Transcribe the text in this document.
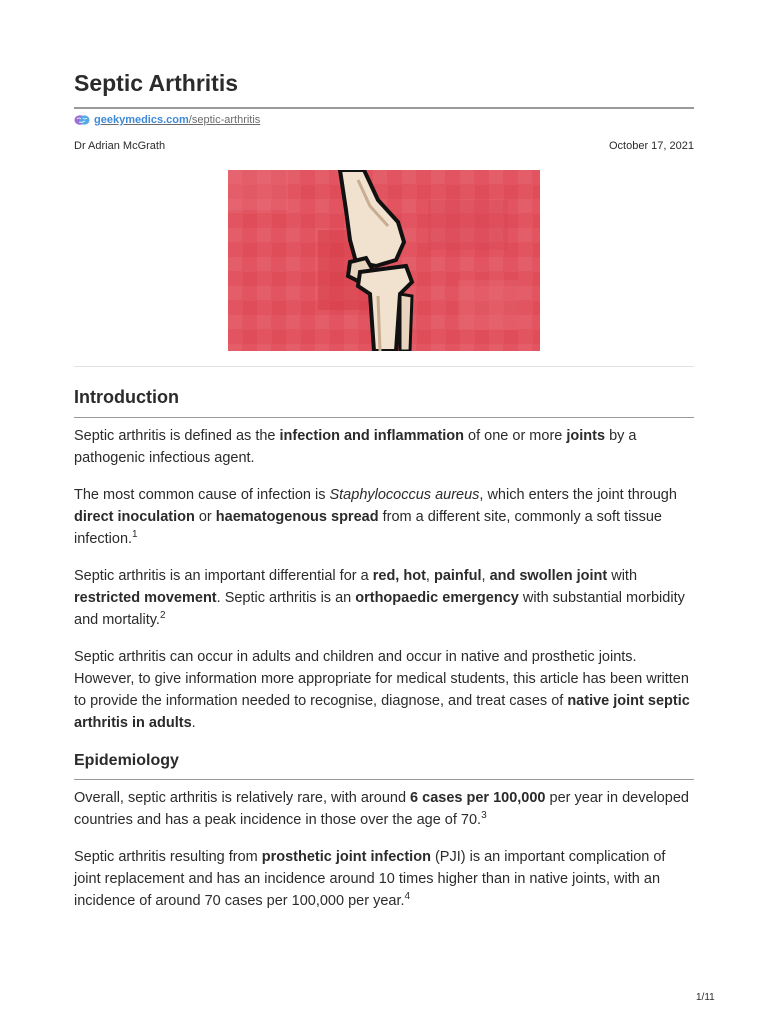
Septic Arthritis
geekymedics.com/septic-arthritis
Dr Adrian McGrath	October 17, 2021
Introduction

Septic arthritis is defined as the infection and inflammation of one or more joints by a pathogenic infectious agent.

The most common cause of infection is Staphylococcus aureus, which enters the joint through direct inoculation or haematogenous spread from a different site, commonly a soft tissue infection.$^1$

Septic arthritis is an important differential for a red, hot, painful, and swollen joint with restricted movement. Septic arthritis is an orthopaedic emergency with substantial morbidity and mortality.$^2$

Septic arthritis can occur in adults and children and occur in native and prosthetic joints. However, to give information more appropriate for medical students, this article has been written to provide the information needed to recognise, diagnose, and treat cases of native joint septic arthritis in adults.

Epidemiology

Overall, septic arthritis is relatively rare, with around 6 cases per 100,000 per year in developed countries and has a peak incidence in those over the age of 70.$^3$

Septic arthritis resulting from prosthetic joint infection (PJI) is an important complication of joint replacement and has an incidence around 10 times higher than in native joints, with an incidence of around 70 cases per 100,000 per year.$^4$

1/11
